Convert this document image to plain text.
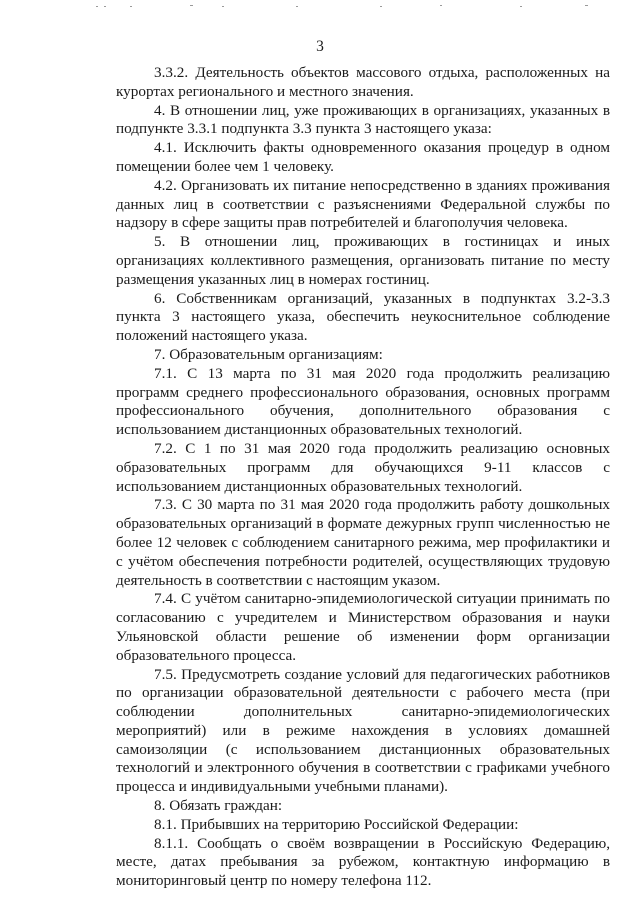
3

3.3.2. Деятельность объектов массового отдыха, расположенных на курортах регионального и местного значения.

4. В отношении лиц, уже проживающих в организациях, указанных в подпункте 3.3.1 подпункта 3.3 пункта 3 настоящего указа:

4.1. Исключить факты одновременного оказания процедур в одном помещении более чем 1 человеку.

4.2. Организовать их питание непосредственно в зданиях проживания данных лиц в соответствии с разъяснениями Федеральной службы по надзору в сфере защиты прав потребителей и благополучия человека.

5. В отношении лиц, проживающих в гостиницах и иных организациях коллективного размещения, организовать питание по месту размещения указанных лиц в номерах гостиниц.

6. Собственникам организаций, указанных в подпунктах 3.2-3.3 пункта 3 настоящего указа, обеспечить неукоснительное соблюдение положений настоящего указа.

7. Образовательным организациям:

7.1. С 13 марта по 31 мая 2020 года продолжить реализацию программ среднего профессионального образования, основных программ профессионального обучения, дополнительного образования с использованием дистанционных образовательных технологий.

7.2. С 1 по 31 мая 2020 года продолжить реализацию основных образовательных программ для обучающихся 9-11 классов с использованием дистанционных образовательных технологий.

7.3. С 30 марта по 31 мая 2020 года продолжить работу дошкольных образовательных организаций в формате дежурных групп численностью не более 12 человек с соблюдением санитарного режима, мер профилактики и с учётом обеспечения потребности родителей, осуществляющих трудовую деятельность в соответствии с настоящим указом.

7.4. С учётом санитарно-эпидемиологической ситуации принимать по согласованию с учредителем и Министерством образования и науки Ульяновской области решение об изменении форм организации образовательного процесса.

7.5. Предусмотреть создание условий для педагогических работников по организации образовательной деятельности с рабочего места (при соблюдении дополнительных санитарно-эпидемиологических мероприятий) или в режиме нахождения в условиях домашней самоизоляции (с использованием дистанционных образовательных технологий и электронного обучения в соответствии с графиками учебного процесса и индивидуальными учебными планами).

8. Обязать граждан:

8.1. Прибывших на территорию Российской Федерации:

8.1.1. Сообщать о своём возвращении в Российскую Федерацию, месте, датах пребывания за рубежом, контактную информацию в мониторинговый центр по номеру телефона 112.
